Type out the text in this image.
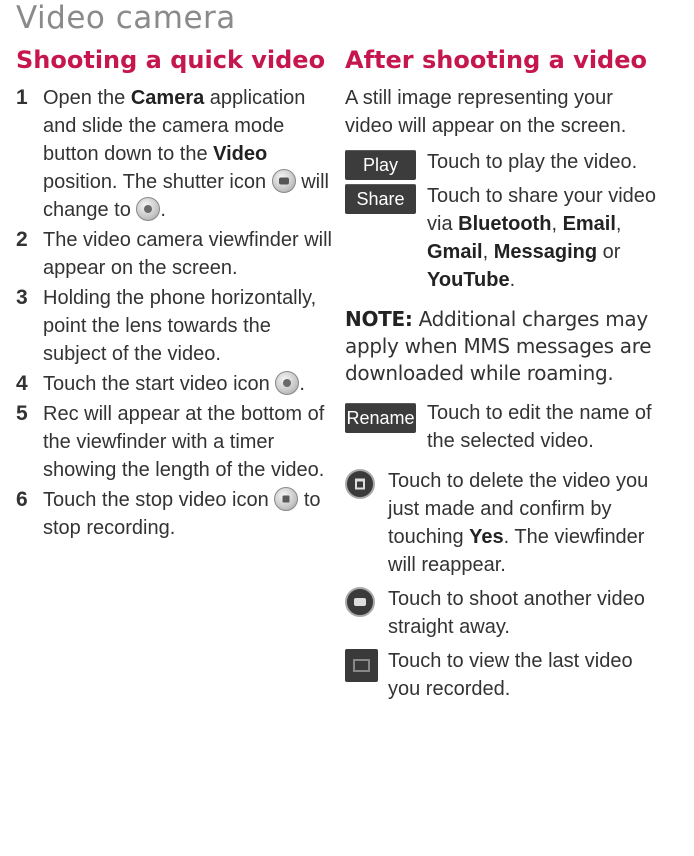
Video camera
Shooting a quick video
1 Open the Camera application and slide the camera mode button down to the Video position. The shutter icon
will change to
.
2 The video camera viewfinder will appear on the screen.
3 Holding the phone horizontally, point the lens towards the subject of the video.
4 Touch the start video icon
.
5 Rec will appear at the bottom of the viewfinder with a timer showing the length of the video.
6 Touch the stop video icon
to stop recording.
After shooting a video
A still image representing your video will appear on the screen.
Play	Touch to play the video.
Share	Touch to share your video via Bluetooth, Email, Gmail, Messaging or YouTube.
NOTE: Additional charges may apply when MMS messages are downloaded while roaming.
Rename Touch to edit the name of the selected video.
Touch to delete the video you just made and confirm by touching Yes. The viewfinder will reappear.
Touch to shoot another video straight away.
Touch to view the last video you recorded.
